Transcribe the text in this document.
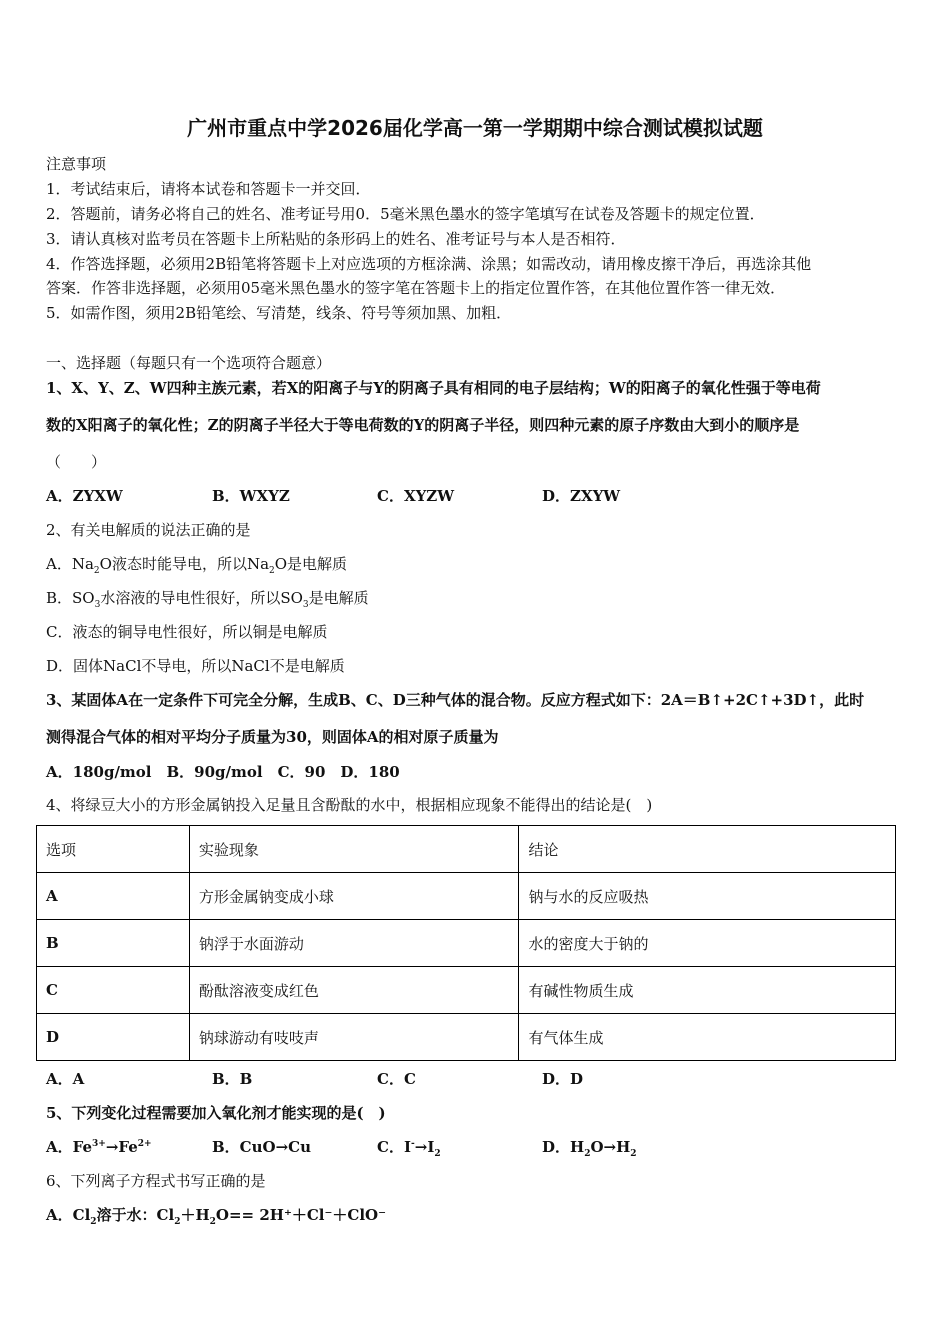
广州市重点中学2026届化学高一第一学期期中综合测试模拟试题
注意事项
1．考试结束后，请将本试卷和答题卡一并交回．
2．答题前，请务必将自己的姓名、准考证号用0．5毫米黑色墨水的签字笔填写在试卷及答题卡的规定位置．
3．请认真核对监考员在答题卡上所粘贴的条形码上的姓名、准考证号与本人是否相符．
4．作答选择题，必须用2B铅笔将答题卡上对应选项的方框涂满、涂黑；如需改动，请用橡皮擦干净后，再选涂其他
答案．作答非选择题，必须用05毫米黑色墨水的签字笔在答题卡上的指定位置作答，在其他位置作答一律无效．
5．如需作图，须用2B铅笔绘、写清楚，线条、符号等须加黑、加粗．
一、选择题（每题只有一个选项符合题意）
1、X、Y、Z、W四种主族元素，若X的阳离子与Y的阴离子具有相同的电子层结构；W的阳离子的氧化性强于等电荷
数的X阳离子的氧化性；Z的阴离子半径大于等电荷数的Y的阴离子半径，则四种元素的原子序数由大到小的顺序是
（　　）
A．ZYXW	B．WXYZ	C．XYZW	D．ZXYW
2、有关电解质的说法正确的是
A．$Na_2O$液态时能导电，所以$Na_2O$是电解质
B．$SO_3$水溶液的导电性很好，所以$SO_3$是电解质
C．液态的铜导电性很好，所以铜是电解质
D．固体NaCl不导电，所以NaCl不是电解质
3、某固体A在一定条件下可完全分解，生成B、C、D三种气体的混合物。反应方程式如下：2A＝B↑+2C↑+3D↑，此时
测得混合气体的相对平均分子质量为30，则固体A的相对原子质量为
A．180g/mol　B．90g/mol　C．90　D．180
4、将绿豆大小的方形金属钠投入足量且含酚酞的水中，根据相应现象不能得出的结论是(　)
选项	实验现象	结论
A	方形金属钠变成小球	钠与水的反应吸热
B	钠浮于水面游动	水的密度大于钠的
C	酚酞溶液变成红色	有碱性物质生成
D	钠球游动有吱吱声	有气体生成
A．A	B．B	C．C	D．D
5、下列变化过程需要加入氧化剂才能实现的是(　)
A．$Fe^{3+}\to Fe^{2+}$	B．CuO→Cu	C．$I^-\to I_2$	D．$H_2O\to H_2$
6、下列离子方程式书写正确的是
A．$Cl_2$溶于水：$Cl_2+H_2O== 2H^++Cl^-+ClO^-$
